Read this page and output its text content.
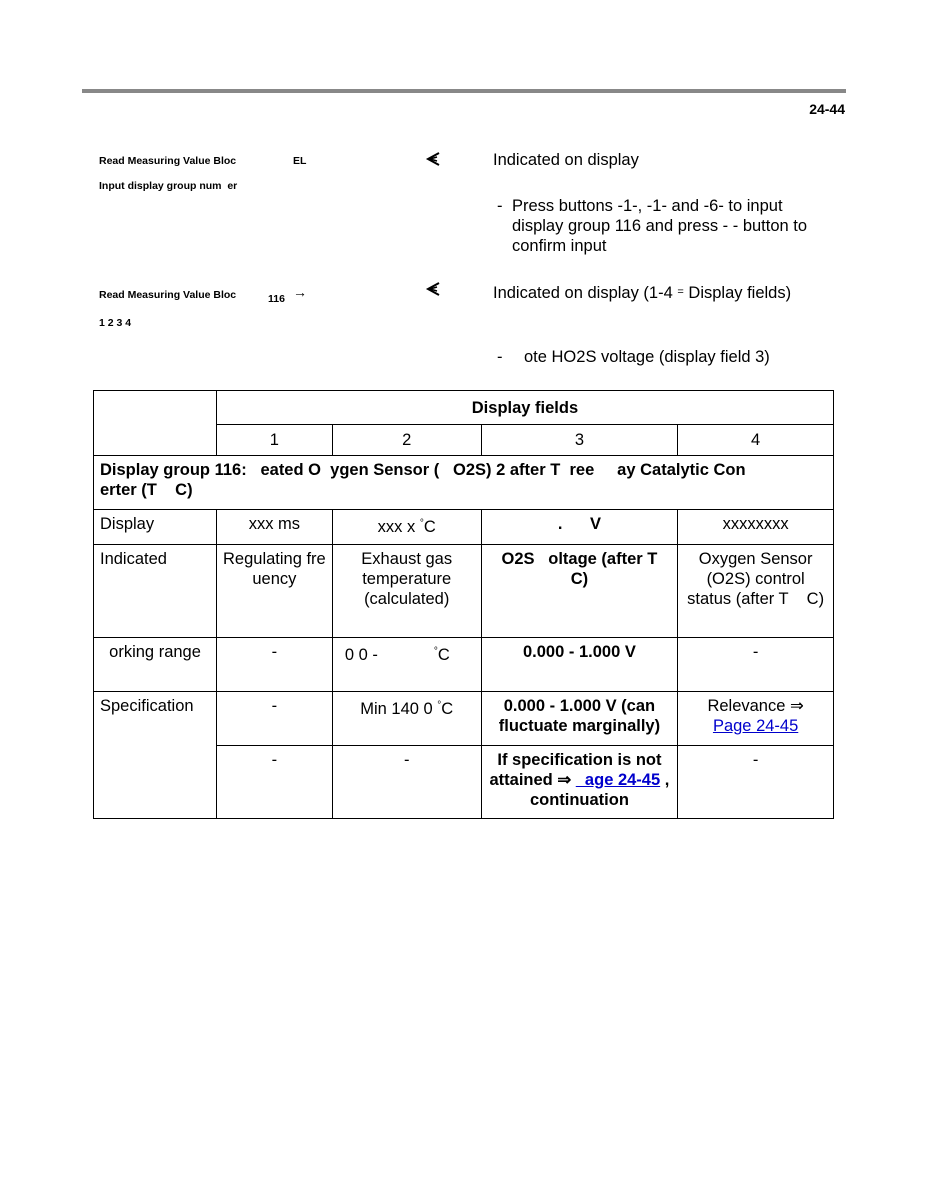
24-44
Read Measuring Value Bloc	EL
Input display group num  er
Indicated on display
- Press buttons -1-, -1- and -6- to input display group 116 and press - - button to confirm input
Read Measuring Value Bloc	116 →
1 2 3 4
Indicated on display (1-4 = Display fields)
- ote HO2S voltage (display field 3)
	Display fields			
	1	2	3	4
Display group 116:   eated O  ygen Sensor (   O2S) 2 after T  ree     ay Catalytic Con  erter (T    C)				
Display	xxx ms	xxx x °C	.      V	xxxxxxxx
Indicated	Regulating fre  uency	Exhaust gas temperature (calculated)	O2S   oltage (after T    C)	Oxygen Sensor (O2S) control status (after T    C)
orking range	-	0 0 - °C	0.000 - 1.000 V	-
Specification	-	Min 140 0 °C	0.000 - 1.000 V (can fluctuate marginally)	Relevance ⇒
Page 24-45
	-	-	If specification is not attained ⇒   age 24-45 , continuation	-
